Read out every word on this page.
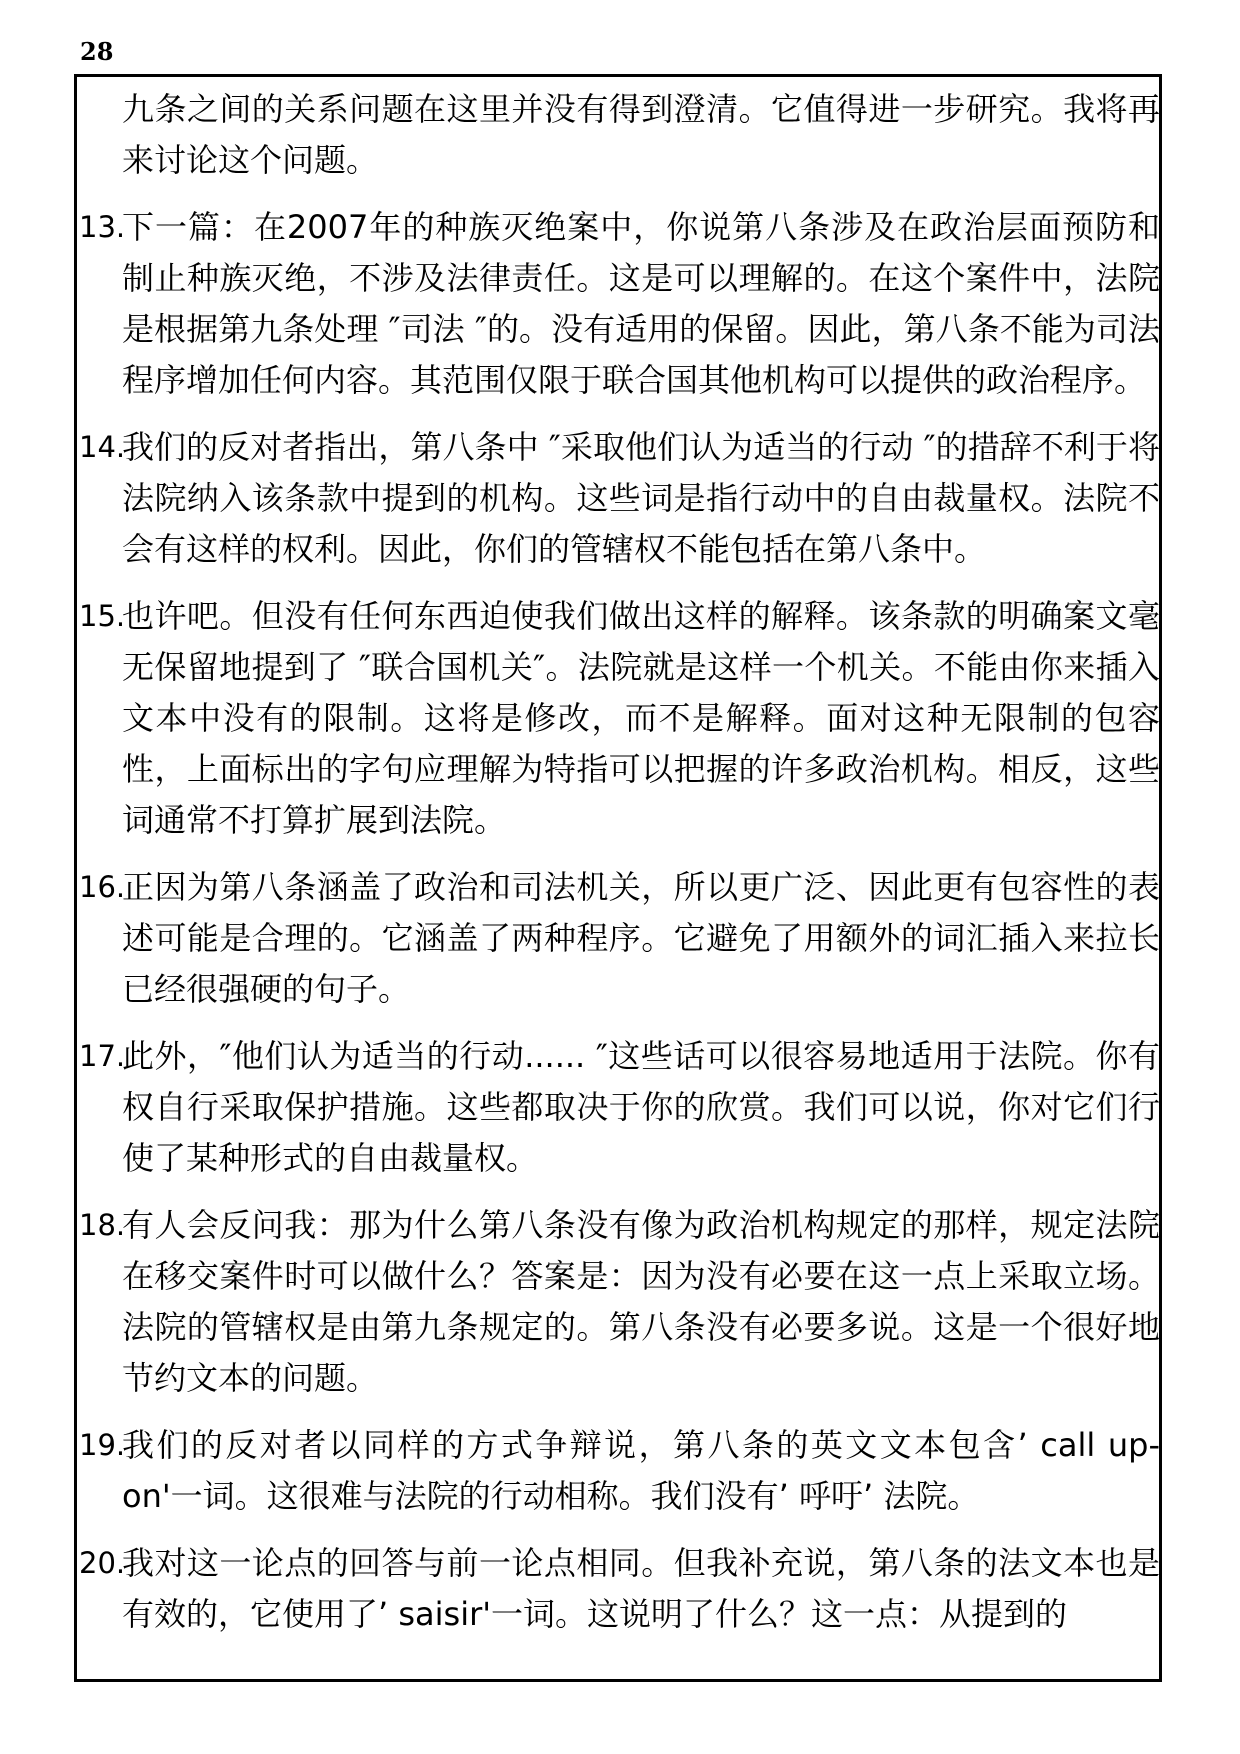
28

九条之间的关系问题在这里并没有得到澄清。它值得进一步研究。我将再来讨论这个问题。

13.
下一篇：在2007年的种族灭绝案中，你说第八条涉及在政治层面预防和制止种族灭绝，不涉及法律责任。这是可以理解的。在这个案件中，法院是根据第九条处理 ″司法 ″的。没有适用的保留。因此，第八条不能为司法程序增加任何内容。其范围仅限于联合国其他机构可以提供的政治程序。

14.
我们的反对者指出，第八条中 ″采取他们认为适当的行动 ″的措辞不利于将法院纳入该条款中提到的机构。这些词是指行动中的自由裁量权。法院不会有这样的权利。因此，你们的管辖权不能包括在第八条中。

15.
也许吧。但没有任何东西迫使我们做出这样的解释。该条款的明确案文毫无保留地提到了 ″联合国机关″。法院就是这样一个机关。不能由你来插入文本中没有的限制。这将是修改，而不是解释。面对这种无限制的包容性，上面标出的字句应理解为特指可以把握的许多政治机构。相反，这些词通常不打算扩展到法院。

16.
正因为第八条涵盖了政治和司法机关，所以更广泛、因此更有包容性的表述可能是合理的。它涵盖了两种程序。它避免了用额外的词汇插入来拉长已经很强硬的句子。

17.
此外，″他们认为适当的行动...... ″这些话可以很容易地适用于法院。你有权自行采取保护措施。这些都取决于你的欣赏。我们可以说，你对它们行使了某种形式的自由裁量权。

18.
有人会反问我：那为什么第八条没有像为政治机构规定的那样，规定法院在移交案件时可以做什么？答案是：因为没有必要在这一点上采取立场。法院的管辖权是由第九条规定的。第八条没有必要多说。这是一个很好地节约文本的问题。

19.
我们的反对者以同样的方式争辩说，第八条的英文文本包含’ call up-on'一词。这很难与法院的行动相称。我们没有’ 呼吁’ 法院。

20.
我对这一论点的回答与前一论点相同。但我补充说，第八条的法文本也是有效的，它使用了’ saisir'一词。这说明了什么？这一点：从提到的
